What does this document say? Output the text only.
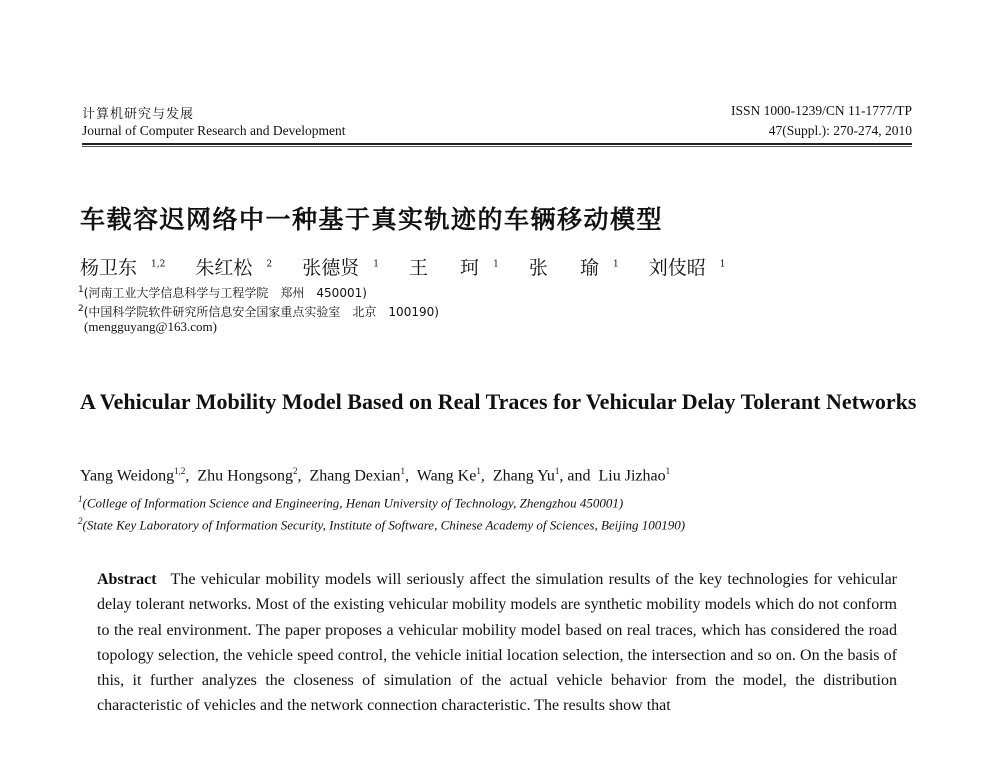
计算机研究与发展
Journal of Computer Research and Development
ISSN 1000-1239/CN 11-1777/TP
47(Suppl.): 270-274, 2010
车载容迟网络中一种基于真实轨迹的车辆移动模型
杨卫东 $^{1,2}$ 朱红松 $^2$ 张德贤 $^1$ 王  珂 $^1$ 张  瑜 $^1$ 刘伎昭 $^1$
$^1$(河南工业大学信息科学与工程学院　郑州　450001)
$^2$(中国科学院软件研究所信息安全国家重点实验室　北京　100190)
(mengguyang@163.com)
A Vehicular Mobility Model Based on Real Traces for Vehicular Delay Tolerant Networks
Yang Weidong$^{1,2}$,  Zhu Hongsong$^2$,  Zhang Dexian$^1$,  Wang Ke$^1$,  Zhang Yu$^1$, and  Liu Jizhao$^1$
$^1$(College of Information Science and Engineering, Henan University of Technology, Zhengzhou 450001)
$^2$(State Key Laboratory of Information Security, Institute of Software, Chinese Academy of Sciences, Beijing 100190)
Abstract The vehicular mobility models will seriously affect the simulation results of the key technologies for vehicular delay tolerant networks. Most of the existing vehicular mobility models are synthetic mobility models which do not conform to the real environment. The paper proposes a vehicular mobility model based on real traces, which has considered the road topology selection, the vehicle speed control, the vehicle initial location selection, the intersection and so on. On the basis of this, it further analyzes the closeness of simulation of the actual vehicle behavior from the model, the distribution characteristic of vehicles and the network connection characteristic. The results show that
